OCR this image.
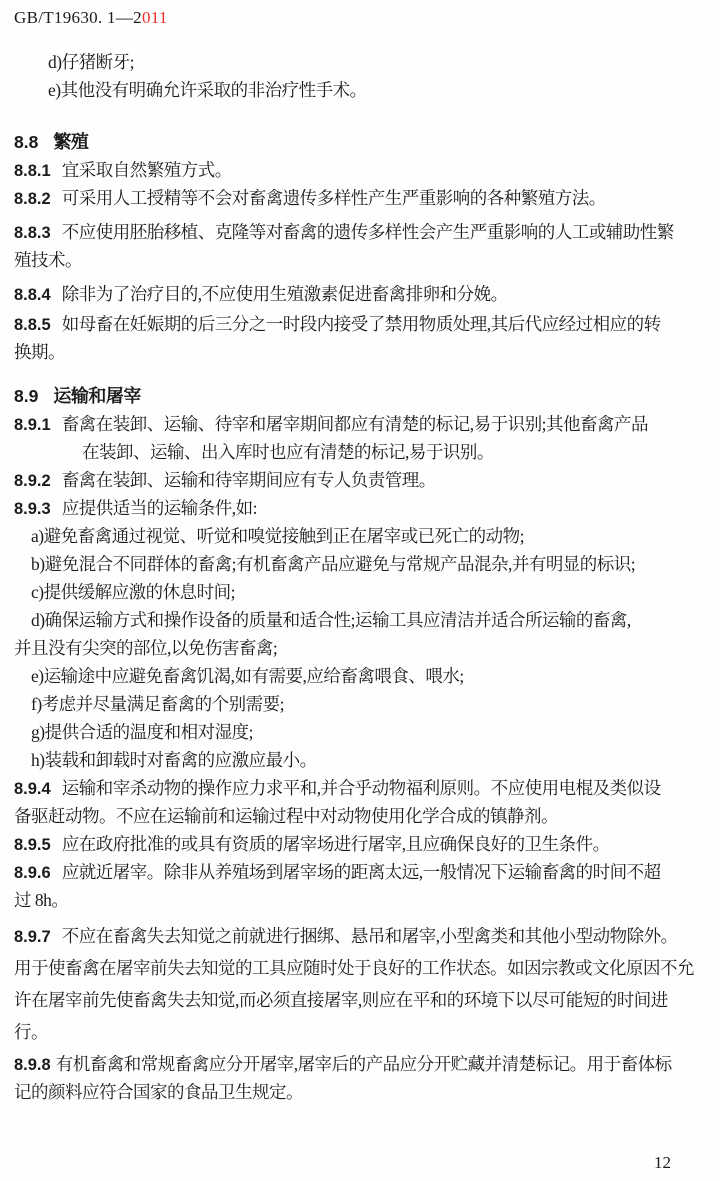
GB/T19630. 1—2011
d)仔猪断牙;
e)其他没有明确允许采取的非治疗性手术。
8.8 繁殖
8.8.1 宜采取自然繁殖方式。
8.8.2 可采用人工授精等不会对畜禽遗传多样性产生严重影响的各种繁殖方法。
8.8.3 不应使用胚胎移植、克隆等对畜禽的遗传多样性会产生严重影响的人工或辅助性繁
殖技术。
8.8.4 除非为了治疗目的,不应使用生殖激素促进畜禽排卵和分娩。
8.8.5 如母畜在妊娠期的后三分之一时段内接受了禁用物质处理,其后代应经过相应的转
换期。
8.9 运输和屠宰
8.9.1 畜禽在装卸、运输、待宰和屠宰期间都应有清楚的标记,易于识别;其他畜禽产品
在装卸、运输、出入库时也应有清楚的标记,易于识别。
8.9.2 畜禽在装卸、运输和待宰期间应有专人负责管理。
8.9.3 应提供适当的运输条件,如:
a)避免畜禽通过视觉、听觉和嗅觉接触到正在屠宰或已死亡的动物;
b)避免混合不同群体的畜禽;有机畜禽产品应避免与常规产品混杂,并有明显的标识;
c)提供缓解应激的休息时间;
d)确保运输方式和操作设备的质量和适合性;运输工具应清洁并适合所运输的畜禽,
并且没有尖突的部位,以免伤害畜禽;
e)运输途中应避免畜禽饥渴,如有需要,应给畜禽喂食、喂水;
f)考虑并尽量满足畜禽的个别需要;
g)提供合适的温度和相对湿度;
h)装载和卸载时对畜禽的应激应最小。
8.9.4 运输和宰杀动物的操作应力求平和,并合乎动物福利原则。不应使用电棍及类似设
备驱赶动物。不应在运输前和运输过程中对动物使用化学合成的镇静剂。
8.9.5 应在政府批准的或具有资质的屠宰场进行屠宰,且应确保良好的卫生条件。
8.9.6 应就近屠宰。除非从养殖场到屠宰场的距离太远,一般情况下运输畜禽的时间不超
过 8h。
8.9.7 不应在畜禽失去知觉之前就进行捆绑、悬吊和屠宰,小型禽类和其他小型动物除外。
用于使畜禽在屠宰前失去知觉的工具应随时处于良好的工作状态。如因宗教或文化原因不允
许在屠宰前先使畜禽失去知觉,而必须直接屠宰,则应在平和的环境下以尽可能短的时间进
行。
8.9.8 有机畜禽和常规畜禽应分开屠宰,屠宰后的产品应分开贮藏并清楚标记。用于畜体标
记的颜料应符合国家的食品卫生规定。
12
